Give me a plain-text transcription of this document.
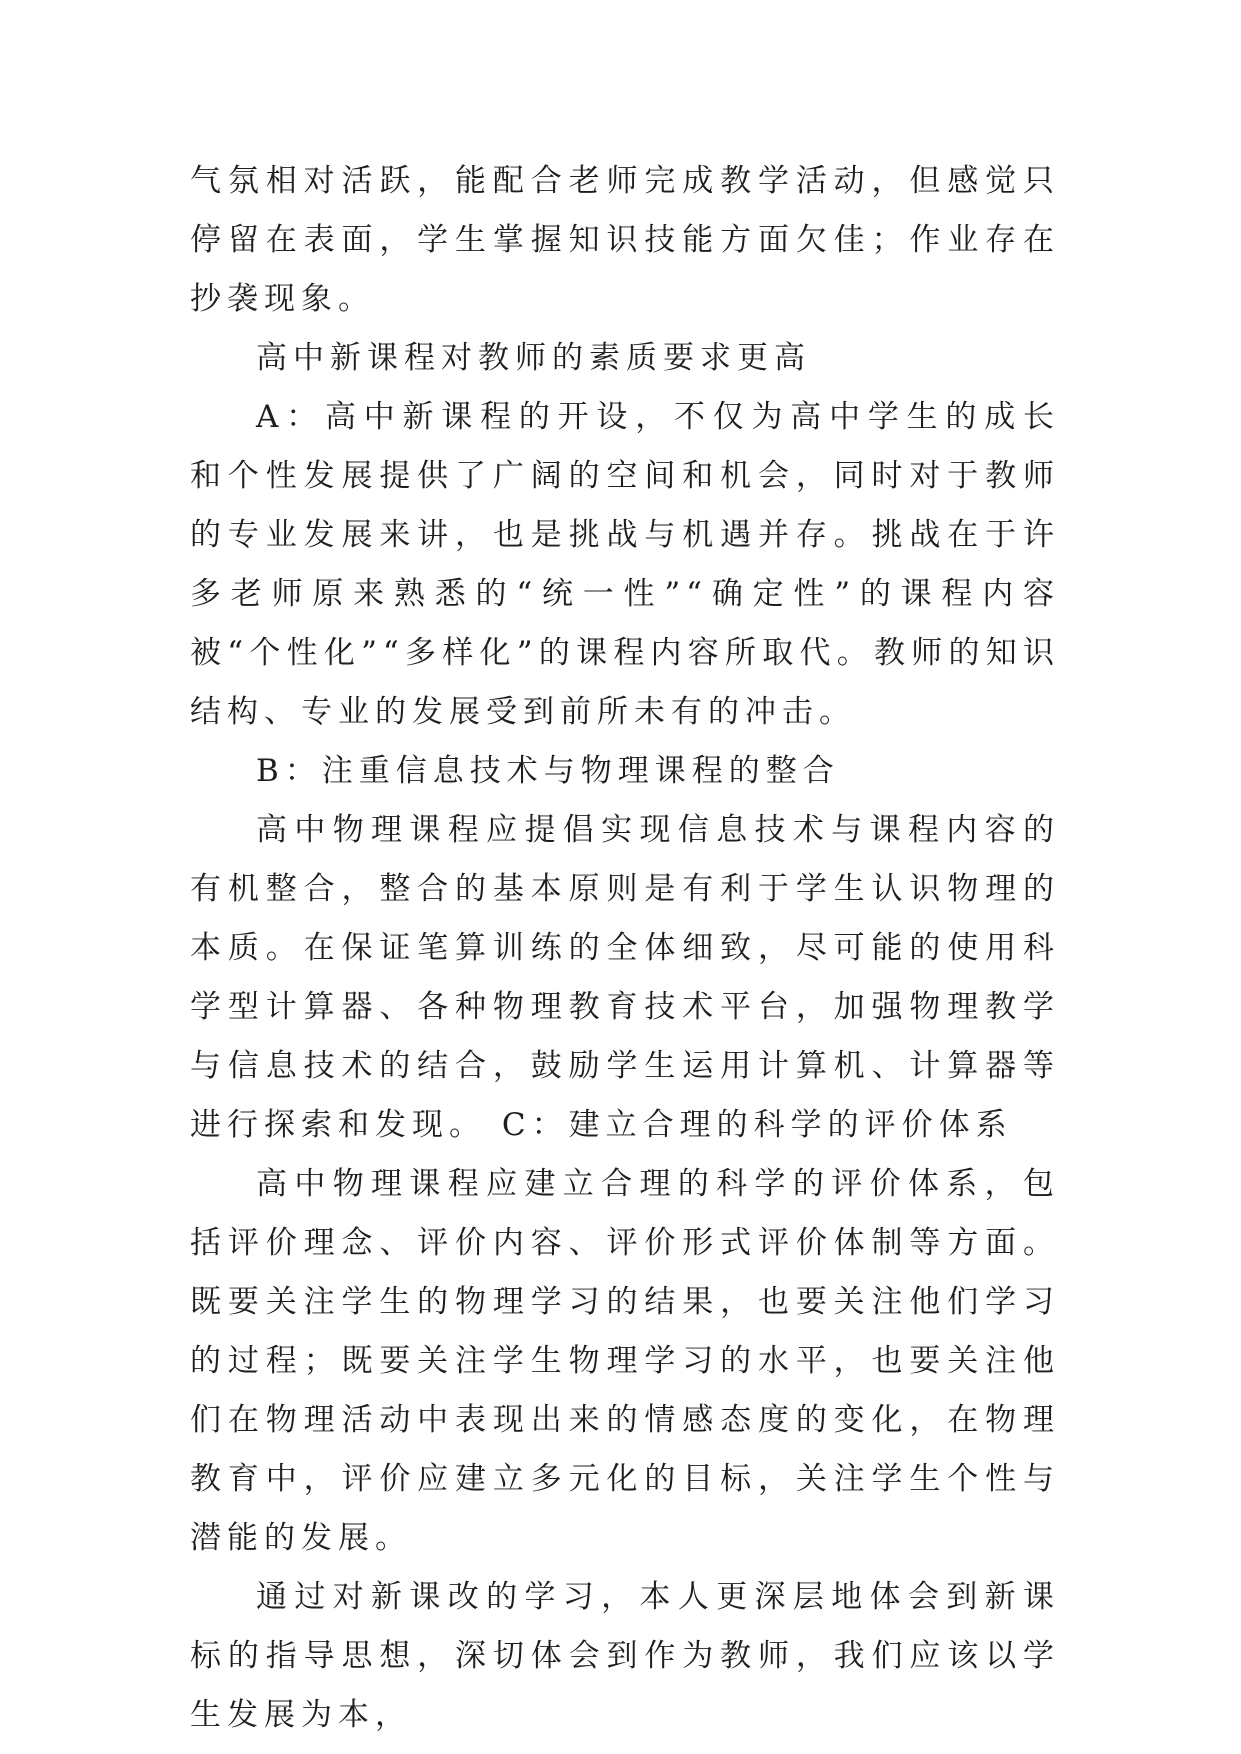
气氛相对活跃，能配合老师完成教学活动，但感觉只停留在表面，学生掌握知识技能方面欠佳；作业存在抄袭现象。

高中新课程对教师的素质要求更高

A：高中新课程的开设，不仅为高中学生的成长和个性发展提供了广阔的空间和机会，同时对于教师的专业发展来讲，也是挑战与机遇并存。挑战在于许多老师原来熟悉的“统一性”“确定性”的课程内容被“个性化”“多样化”的课程内容所取代。教师的知识结构、专业的发展受到前所未有的冲击。

B：注重信息技术与物理课程的整合

高中物理课程应提倡实现信息技术与课程内容的有机整合，整合的基本原则是有利于学生认识物理的本质。在保证笔算训练的全体细致，尽可能的使用科学型计算器、各种物理教育技术平台，加强物理教学与信息技术的结合，鼓励学生运用计算机、计算器等进行探索和发现。 C：建立合理的科学的评价体系

高中物理课程应建立合理的科学的评价体系，包括评价理念、评价内容、评价形式评价体制等方面。既要关注学生的物理学习的结果，也要关注他们学习的过程；既要关注学生物理学习的水平，也要关注他们在物理活动中表现出来的情感态度的变化，在物理教育中，评价应建立多元化的目标，关注学生个性与潜能的发展。

通过对新课改的学习，本人更深层地体会到新课标的指导思想，深切体会到作为教师，我们应该以学生发展为本，
